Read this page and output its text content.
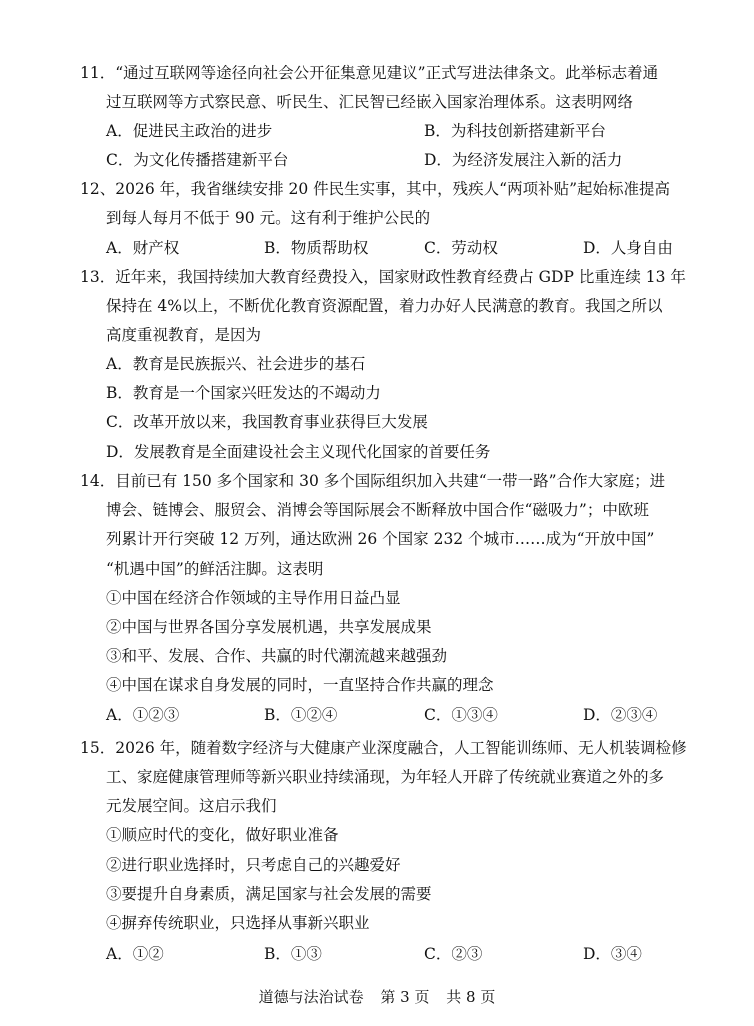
11．“通过互联网等途径向社会公开征集意见建议”正式写进法律条文。此举标志着通
过互联网等方式察民意、听民生、汇民智已经嵌入国家治理体系。这表明网络
A．促进民主政治的进步	B．为科技创新搭建新平台
C．为文化传播搭建新平台	D．为经济发展注入新的活力
12、2026 年，我省继续安排 20 件民生实事，其中，残疾人“两项补贴”起始标准提高
到每人每月不低于 90 元。这有利于维护公民的
A．财产权	B．物质帮助权	C．劳动权	D．人身自由
13．近年来，我国持续加大教育经费投入，国家财政性教育经费占 GDP 比重连续 13 年
保持在 4%以上，不断优化教育资源配置，着力办好人民满意的教育。我国之所以
高度重视教育，是因为
A．教育是民族振兴、社会进步的基石
B．教育是一个国家兴旺发达的不竭动力
C．改革开放以来，我国教育事业获得巨大发展
D．发展教育是全面建设社会主义现代化国家的首要任务
14．目前已有 150 多个国家和 30 多个国际组织加入共建“一带一路”合作大家庭；进
博会、链博会、服贸会、消博会等国际展会不断释放中国合作“磁吸力”；中欧班
列累计开行突破 12 万列，通达欧洲 26 个国家 232 个城市……成为“开放中国”
“机遇中国”的鲜活注脚。这表明
①中国在经济合作领域的主导作用日益凸显
②中国与世界各国分享发展机遇，共享发展成果
③和平、发展、合作、共赢的时代潮流越来越强劲
④中国在谋求自身发展的同时，一直坚持合作共赢的理念
A．①②③	B．①②④	C．①③④	D．②③④
15．2026 年，随着数字经济与大健康产业深度融合，人工智能训练师、无人机装调检修
工、家庭健康管理师等新兴职业持续涌现，为年轻人开辟了传统就业赛道之外的多
元发展空间。这启示我们
①顺应时代的变化，做好职业准备
②进行职业选择时，只考虑自己的兴趣爱好
③要提升自身素质，满足国家与社会发展的需要
④摒弃传统职业，只选择从事新兴职业
A．①②	B．①③	C．②③	D．③④
道德与法治试卷 第 3 页 共 8 页
